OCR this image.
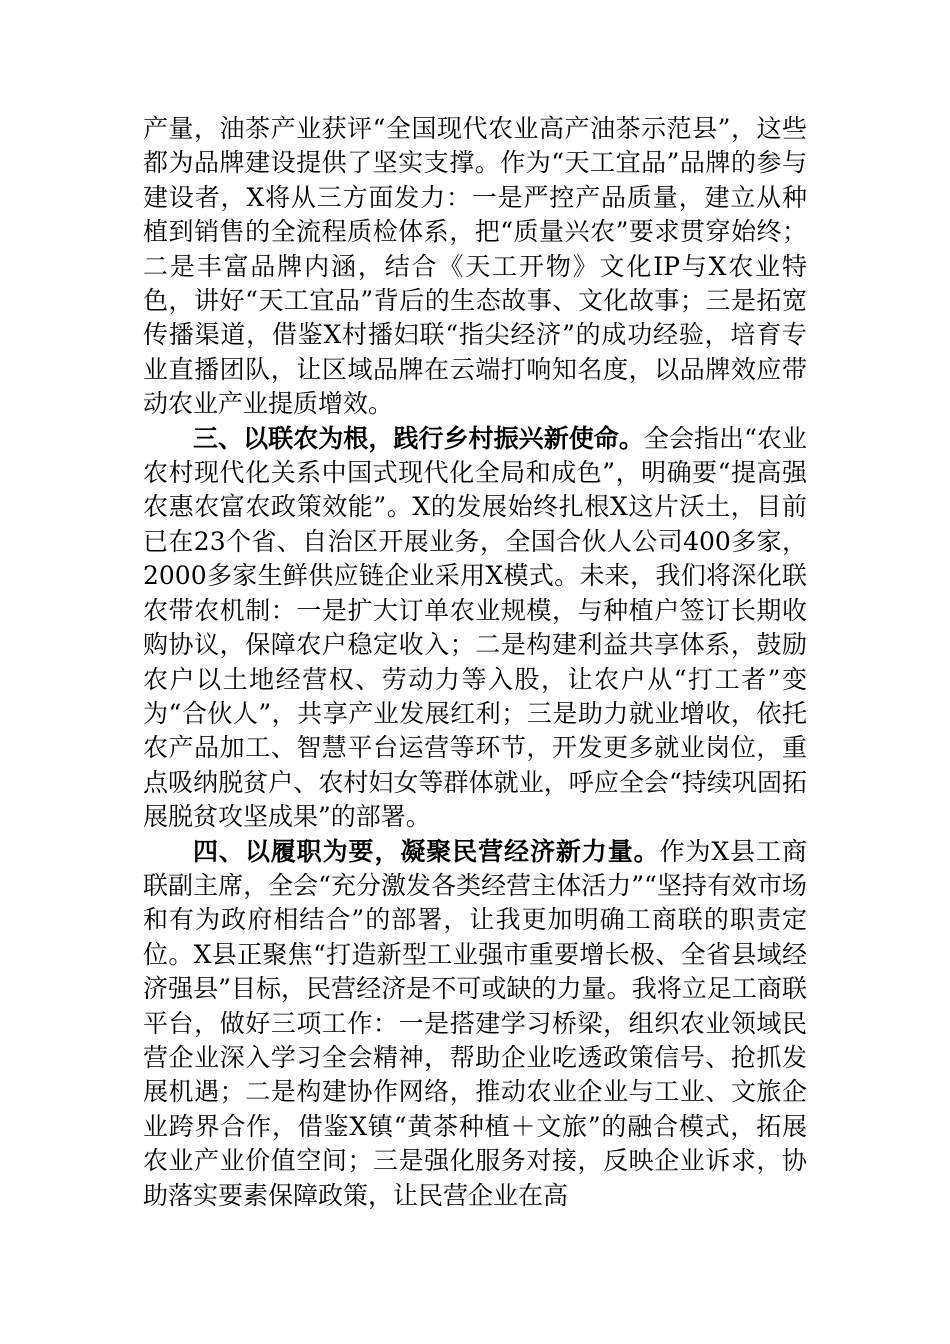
产量，油茶产业获评“全国现代农业高产油茶示范县”，这些都为品牌建设提供了坚实支撑。作为“天工宜品”品牌的参与建设者，X将从三方面发力：一是严控产品质量，建立从种植到销售的全流程质检体系，把“质量兴农”要求贯穿始终；二是丰富品牌内涵，结合《天工开物》文化IP与X农业特色，讲好“天工宜品”背后的生态故事、文化故事；三是拓宽传播渠道，借鉴X村播妇联“指尖经济”的成功经验，培育专业直播团队，让区域品牌在云端打响知名度，以品牌效应带动农业产业提质增效。

三、以联农为根，践行乡村振兴新使命。全会指出“农业农村现代化关系中国式现代化全局和成色”，明确要“提高强农惠农富农政策效能”。X的发展始终扎根X这片沃土，目前已在23个省、自治区开展业务，全国合伙人公司400多家，2000多家生鲜供应链企业采用X模式。未来，我们将深化联农带农机制：一是扩大订单农业规模，与种植户签订长期收购协议，保障农户稳定收入；二是构建利益共享体系，鼓励农户以土地经营权、劳动力等入股，让农户从“打工者”变为“合伙人”，共享产业发展红利；三是助力就业增收，依托农产品加工、智慧平台运营等环节，开发更多就业岗位，重点吸纳脱贫户、农村妇女等群体就业，呼应全会“持续巩固拓展脱贫攻坚成果”的部署。

四、以履职为要，凝聚民营经济新力量。作为X县工商联副主席，全会“充分激发各类经营主体活力”“坚持有效市场和有为政府相结合”的部署，让我更加明确工商联的职责定位。X县正聚焦“打造新型工业强市重要增长极、全省县域经济强县”目标，民营经济是不可或缺的力量。我将立足工商联平台，做好三项工作：一是搭建学习桥梁，组织农业领域民营企业深入学习全会精神，帮助企业吃透政策信号、抢抓发展机遇；二是构建协作网络，推动农业企业与工业、文旅企业跨界合作，借鉴X镇“黄茶种植＋文旅”的融合模式，拓展农业产业价值空间；三是强化服务对接，反映企业诉求，协助落实要素保障政策，让民营企业在高
